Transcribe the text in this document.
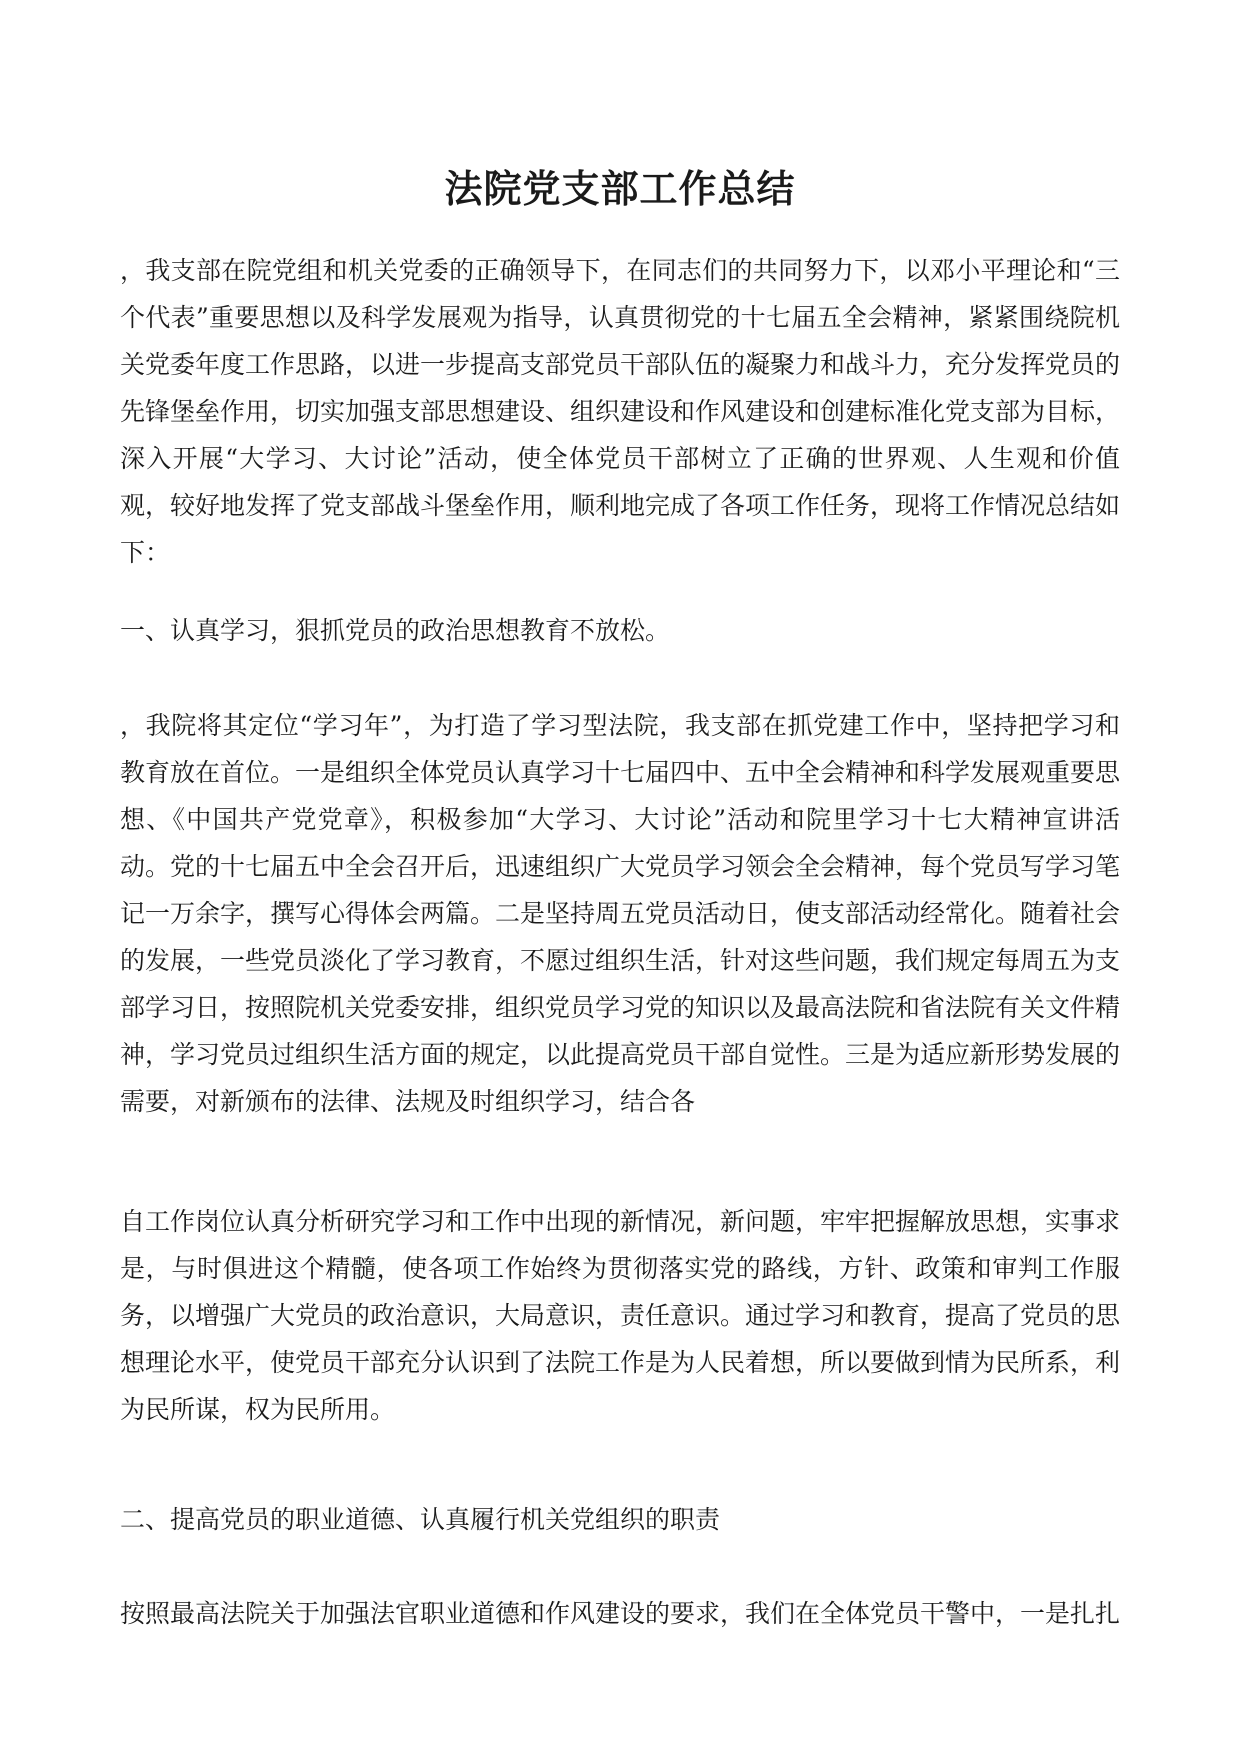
法院党支部工作总结

，我支部在院党组和机关党委的正确领导下，在同志们的共同努力下，以邓小平理论和“三个代表”重要思想以及科学发展观为指导，认真贯彻党的十七届五全会精神，紧紧围绕院机关党委年度工作思路，以进一步提高支部党员干部队伍的凝聚力和战斗力，充分发挥党员的先锋堡垒作用，切实加强支部思想建设、组织建设和作风建设和创建标准化党支部为目标，深入开展“大学习、大讨论”活动，使全体党员干部树立了正确的世界观、人生观和价值观，较好地发挥了党支部战斗堡垒作用，顺利地完成了各项工作任务，现将工作情况总结如下：

一、认真学习，狠抓党员的政治思想教育不放松。

，我院将其定位“学习年”，为打造了学习型法院，我支部在抓党建工作中，坚持把学习和教育放在首位。一是组织全体党员认真学习十七届四中、五中全会精神和科学发展观重要思想、《中国共产党党章》，积极参加“大学习、大讨论”活动和院里学习十七大精神宣讲活动。党的十七届五中全会召开后，迅速组织广大党员学习领会全会精神，每个党员写学习笔记一万余字，撰写心得体会两篇。二是坚持周五党员活动日，使支部活动经常化。随着社会的发展，一些党员淡化了学习教育，不愿过组织生活，针对这些问题，我们规定每周五为支部学习日，按照院机关党委安排，组织党员学习党的知识以及最高法院和省法院有关文件精神，学习党员过组织生活方面的规定，以此提高党员干部自觉性。三是为适应新形势发展的需要，对新颁布的法律、法规及时组织学习，结合各

自工作岗位认真分析研究学习和工作中出现的新情况，新问题，牢牢把握解放思想，实事求是，与时俱进这个精髓，使各项工作始终为贯彻落实党的路线，方针、政策和审判工作服务，以增强广大党员的政治意识，大局意识，责任意识。通过学习和教育，提高了党员的思想理论水平，使党员干部充分认识到了法院工作是为人民着想，所以要做到情为民所系，利为民所谋，权为民所用。

二、提高党员的职业道德、认真履行机关党组织的职责

按照最高法院关于加强法官职业道德和作风建设的要求，我们在全体党员干警中，一是扎扎
